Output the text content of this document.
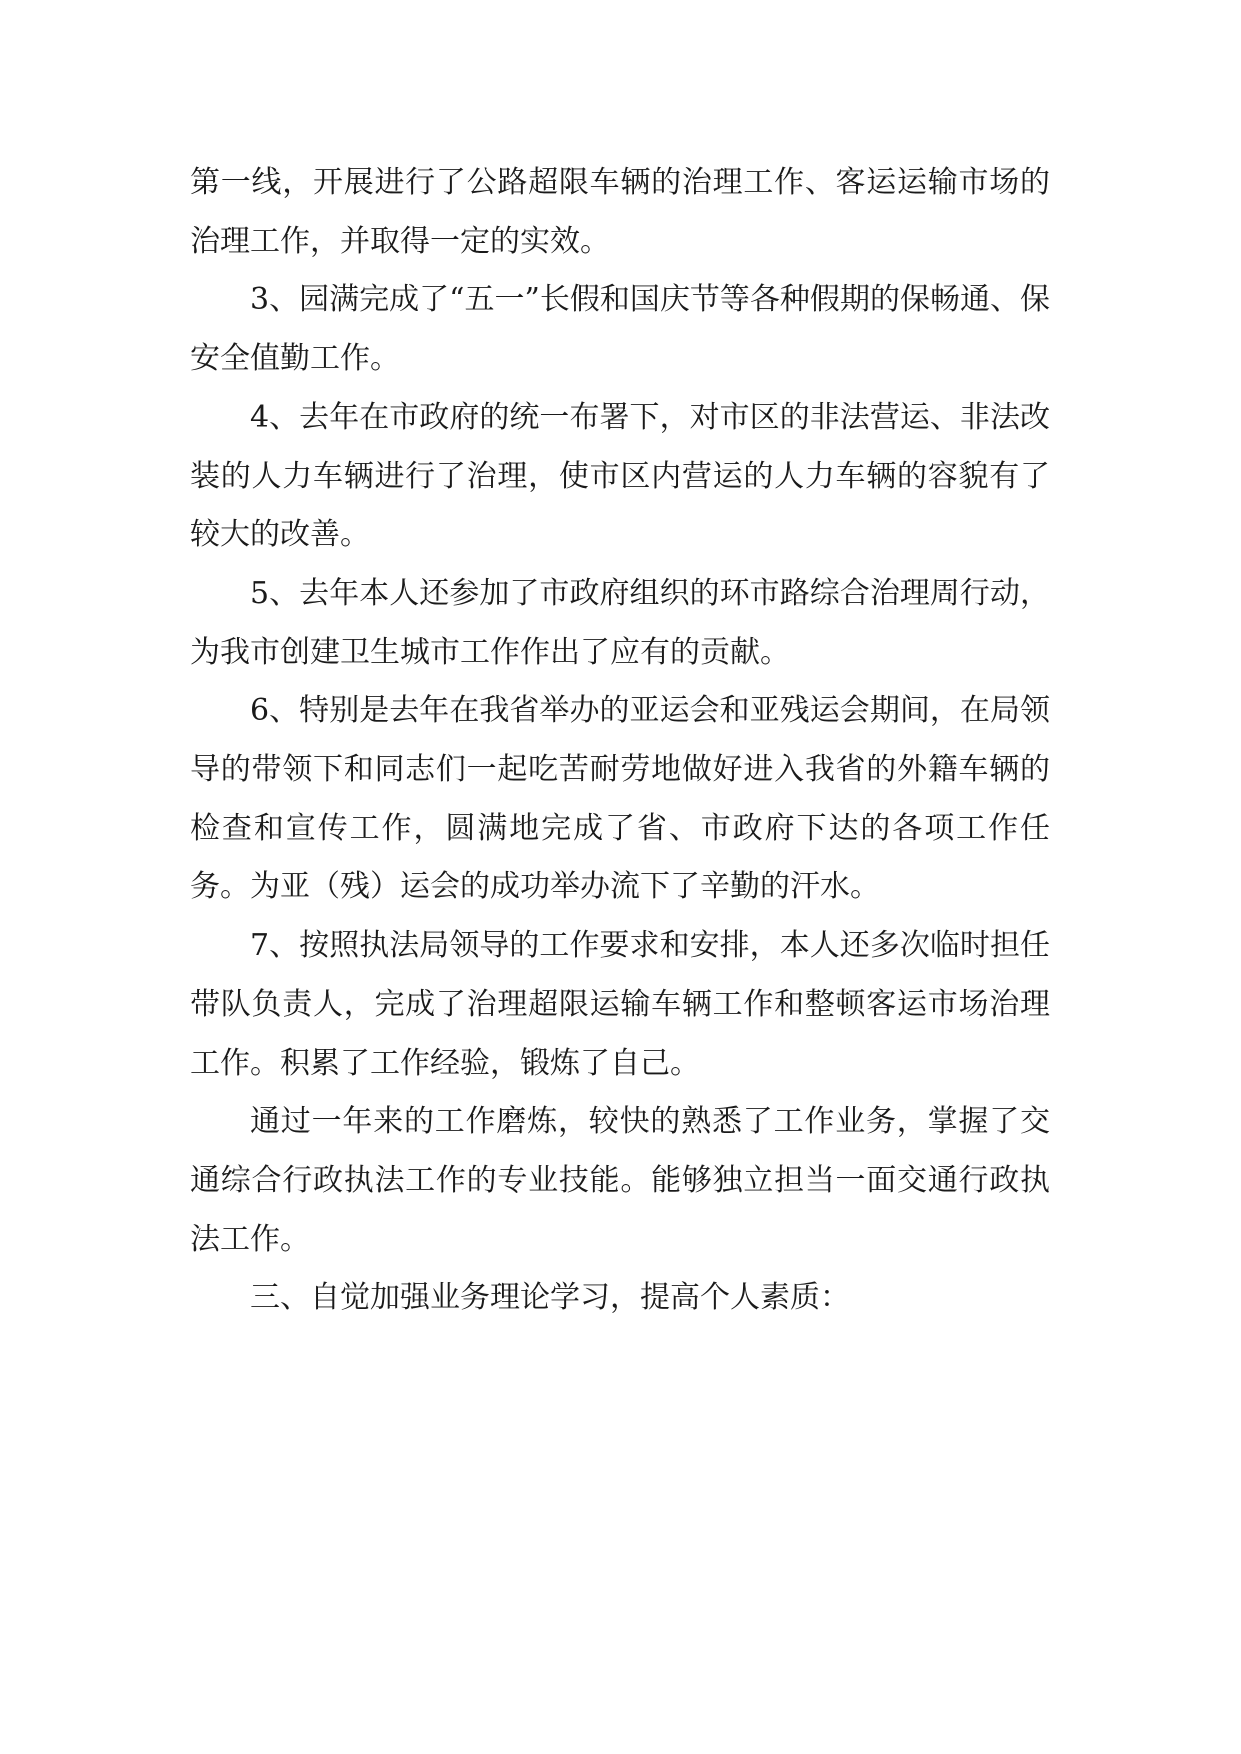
第一线，开展进行了公路超限车辆的治理工作、客运运输市场的治理工作，并取得一定的实效。

3、园满完成了“五一”长假和国庆节等各种假期的保畅通、保安全值勤工作。

4、去年在市政府的统一布署下，对市区的非法营运、非法改装的人力车辆进行了治理，使市区内营运的人力车辆的容貌有了较大的改善。

5、去年本人还参加了市政府组织的环市路综合治理周行动，为我市创建卫生城市工作作出了应有的贡献。

6、特别是去年在我省举办的亚运会和亚残运会期间，在局领导的带领下和同志们一起吃苦耐劳地做好进入我省的外籍车辆的检查和宣传工作，圆满地完成了省、市政府下达的各项工作任务。为亚（残）运会的成功举办流下了辛勤的汗水。

7、按照执法局领导的工作要求和安排，本人还多次临时担任带队负责人，完成了治理超限运输车辆工作和整顿客运市场治理工作。积累了工作经验，锻炼了自己。

通过一年来的工作磨炼，较快的熟悉了工作业务，掌握了交通综合行政执法工作的专业技能。能够独立担当一面交通行政执法工作。

三、自觉加强业务理论学习，提高个人素质：
